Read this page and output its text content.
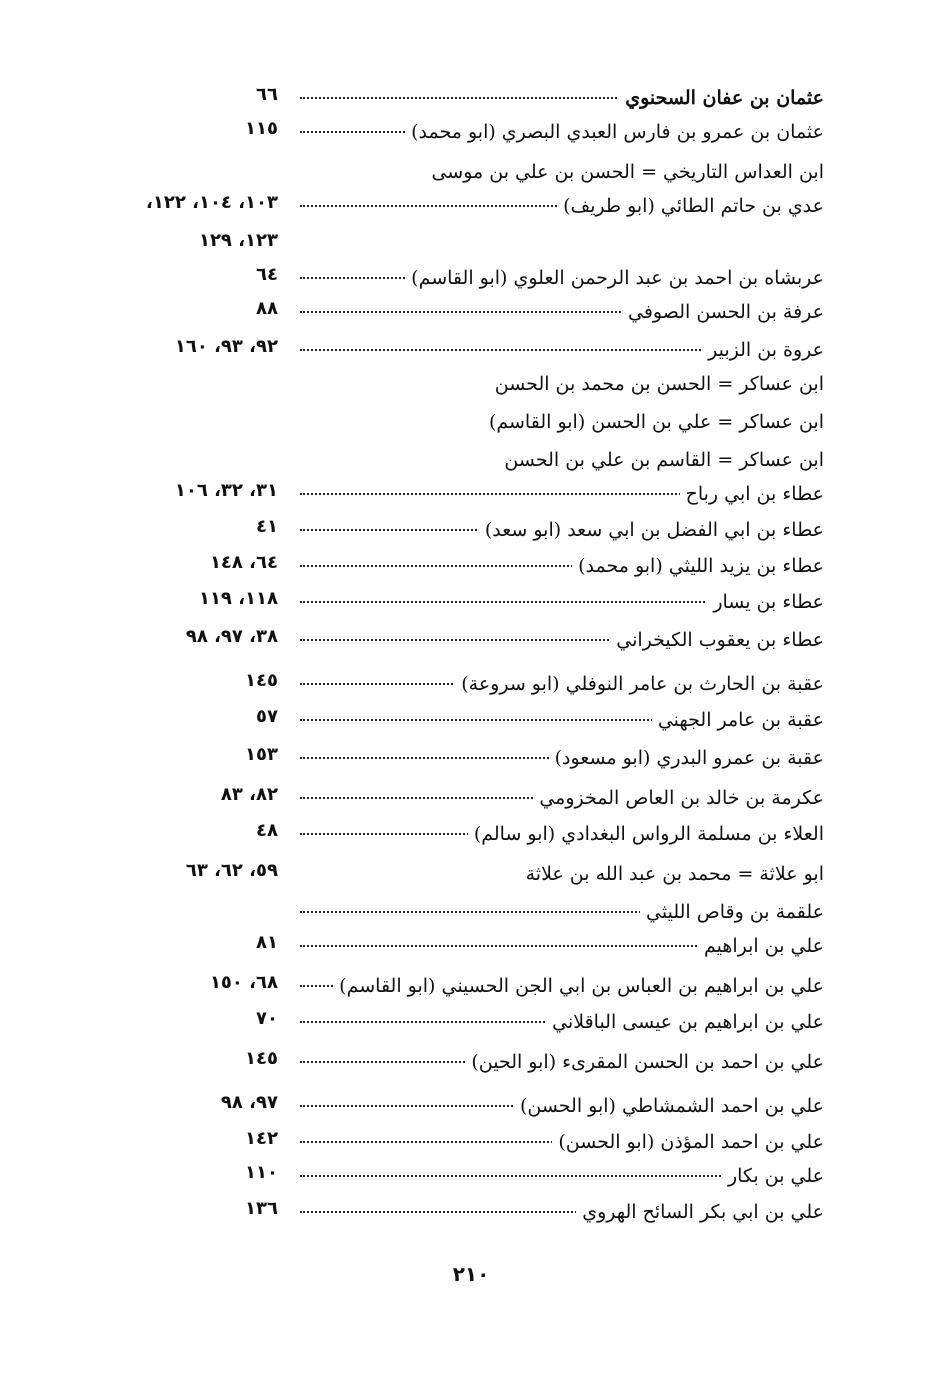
عثمان بن عفان السحنوي
٦٦
عثمان بن عمرو بن فارس العبدي البصري (ابو محمد)
١١٥
ابن العداس التاريخي = الحسن بن علي بن موسى
عدي بن حاتم الطائي (ابو طريف)
١٠٣، ١٠٤، ١٢٢،
١٢٣، ١٢٩
عربشاه بن احمد بن عبد الرحمن العلوي (ابو القاسم)
٦٤
عرفة بن الحسن الصوفي
٨٨
عروة بن الزبير
٩٢، ٩٣، ١٦٠
ابن عساكر = الحسن بن محمد بن الحسن
ابن عساكر = علي بن الحسن (ابو القاسم)
ابن عساكر = القاسم بن علي بن الحسن
عطاء بن ابي رباح
٣١، ٣٢، ١٠٦
عطاء بن ابي الفضل بن ابي سعد (ابو سعد)
٤١
عطاء بن يزيد الليثي (ابو محمد)
٦٤، ١٤٨
عطاء بن يسار
١١٨، ١١٩
عطاء بن يعقوب الكيخراني
٣٨، ٩٧، ٩٨
عقبة بن الحارث بن عامر النوفلي (ابو سروعة)
١٤٥
عقبة بن عامر الجهني
٥٧
عقبة بن عمرو البدري (ابو مسعود)
١٥٣
عكرمة بن خالد بن العاص المخزومي
٨٢، ٨٣
العلاء بن مسلمة الرواس البغدادي (ابو سالم)
٤٨
ابو علاثة = محمد بن عبد الله بن علاثة
٥٩، ٦٢، ٦٣
علقمة بن وقاص الليثي
علي بن ابراهيم
٨١
علي بن ابراهيم بن العباس بن ابي الجن الحسيني (ابو القاسم)
٦٨، ١٥٠
علي بن ابراهيم بن عيسى الباقلاني
٧٠
علي بن احمد بن الحسن المقرىء (ابو الحين)
١٤٥
علي بن احمد الشمشاطي (ابو الحسن)
٩٧، ٩٨
علي بن احمد المؤذن (ابو الحسن)
١٤٢
علي بن بكار
١١٠
علي بن ابي بكر السائح الهروي
١٣٦
٢١٠
